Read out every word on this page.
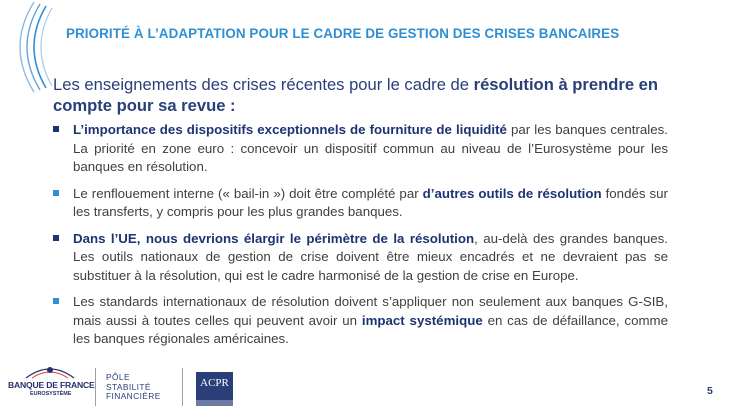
PRIORITÉ À L’ADAPTATION POUR LE CADRE DE GESTION DES CRISES BANCAIRES

Les enseignements des crises récentes pour le cadre de résolution à prendre en compte pour sa revue :

L’importance des dispositifs exceptionnels de fourniture de liquidité par les banques centrales. La priorité en zone euro : concevoir un dispositif commun au niveau de l’Eurosystème pour les banques en résolution.
Le renflouement interne (« bail-in ») doit être complété par d’autres outils de résolution fondés sur les transferts, y compris pour les plus grandes banques.
Dans l’UE, nous devrions élargir le périmètre de la résolution, au-delà des grandes banques. Les outils nationaux de gestion de crise doivent être mieux encadrés et ne devraient pas se substituer à la résolution, qui est le cadre harmonisé de la gestion de crise en Europe.
Les standards internationaux de résolution doivent s’appliquer non seulement aux banques G-SIB, mais aussi à toutes celles qui peuvent avoir un impact systémique en cas de défaillance, comme les banques régionales américaines.
BANQUE DE FRANCE
EUROSYSTÈME
PÔLE
STABILITÉ
FINANCIÈRE
ACPR
5
